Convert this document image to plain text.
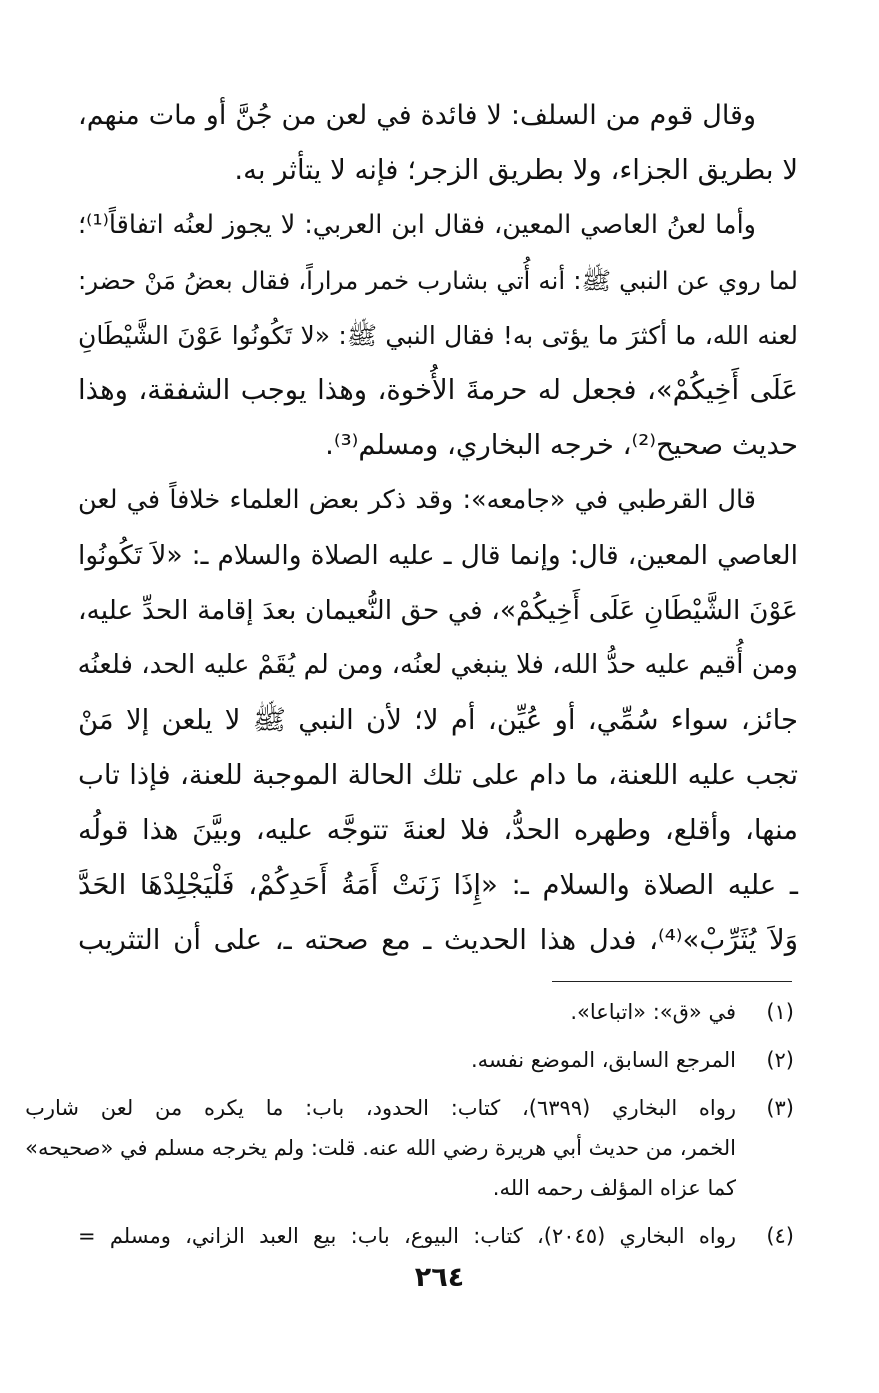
وقال قوم من السلف: لا فائدة في لعن من جُنَّ أو مات منهم،
لا بطريق الجزاء، ولا بطريق الزجر؛ فإنه لا يتأثر به.
وأما لعنُ العاصي المعين، فقال ابن العربي: لا يجوز لعنُه اتفاقاً⁽¹⁾؛
لما روي عن النبي ﷺ: أنه أُتي بشارب خمر مراراً، فقال بعضُ مَنْ حضر:
لعنه الله، ما أكثرَ ما يؤتى به! فقال النبي ﷺ: «لا تَكُونُوا عَوْنَ الشَّيْطَانِ
عَلَى أَخِيكُمْ»، فجعل له حرمةَ الأُخوة، وهذا يوجب الشفقة، وهذا
حديث صحيح⁽²⁾، خرجه البخاري، ومسلم⁽³⁾.
قال القرطبي في «جامعه»: وقد ذكر بعض العلماء خلافاً في لعن
العاصي المعين، قال: وإنما قال ـ عليه الصلاة والسلام ـ: «لاَ تَكُونُوا
عَوْنَ الشَّيْطَانِ عَلَى أَخِيكُمْ»، في حق النُّعيمان بعدَ إقامة الحدِّ عليه،
ومن أُقيم عليه حدُّ الله، فلا ينبغي لعنُه، ومن لم يُقَمْ عليه الحد، فلعنُه
جائز، سواء سُمِّي، أو عُيِّن، أم لا؛ لأن النبي ﷺ لا يلعن إلا مَنْ
تجب عليه اللعنة، ما دام على تلك الحالة الموجبة للعنة، فإذا تاب
منها، وأقلع، وطهره الحدُّ، فلا لعنةَ تتوجَّه عليه، وبيَّنَ هذا قولُه
ـ عليه الصلاة والسلام ـ: «إِذَا زَنَتْ أَمَةُ أَحَدِكُمْ، فَلْيَجْلِدْهَا الحَدَّ
وَلاَ يُثَرِّبْ»⁽⁴⁾، فدل هذا الحديث ـ مع صحته ـ، على أن التثريب
(١)
في «ق»: «اتباعا».
(٢)
المرجع السابق، الموضع نفسه.
(٣)
رواه البخاري (٦٣٩٩)، كتاب: الحدود، باب: ما يكره من لعن شارب
الخمر، من حديث أبي هريرة رضي الله عنه. قلت: ولم يخرجه مسلم في «صحيحه»
كما عزاه المؤلف رحمه الله.
(٤)
رواه البخاري (٢٠٤٥)، كتاب: البيوع، باب: بيع العبد الزاني، ومسلم =
٢٦٤
